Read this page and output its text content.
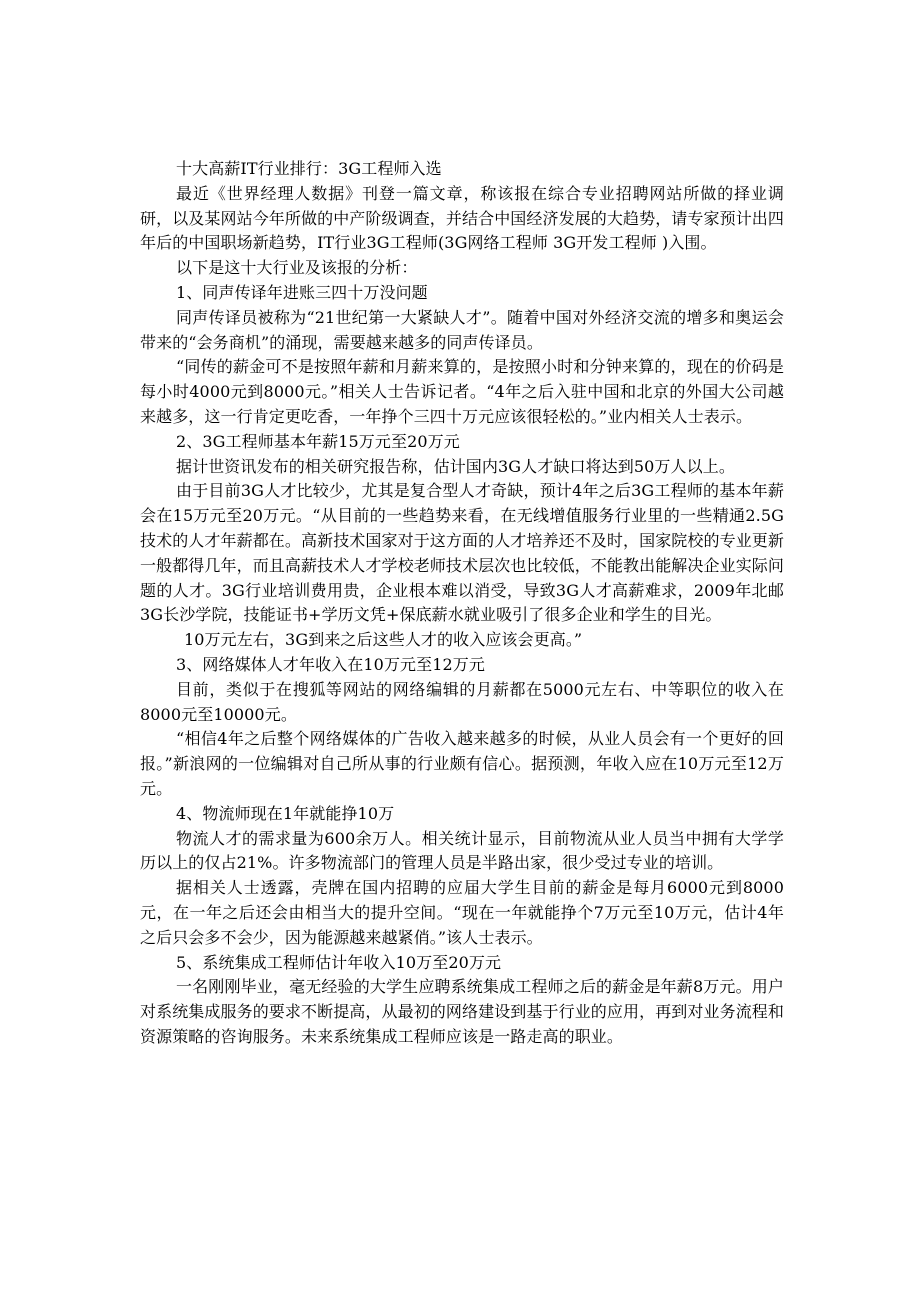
十大高薪IT行业排行：3G工程师入选

最近《世界经理人数据》刊登一篇文章，称该报在综合专业招聘网站所做的择业调研，以及某网站今年所做的中产阶级调查，并结合中国经济发展的大趋势，请专家预计出四年后的中国职场新趋势，IT行业3G工程师(3G网络工程师 3G开发工程师 )入围。

以下是这十大行业及该报的分析：

1、同声传译年进账三四十万没问题

同声传译员被称为“21世纪第一大紧缺人才”。随着中国对外经济交流的增多和奥运会带来的“会务商机”的涌现，需要越来越多的同声传译员。

“同传的薪金可不是按照年薪和月薪来算的，是按照小时和分钟来算的，现在的价码是每小时4000元到8000元。”相关人士告诉记者。“4年之后入驻中国和北京的外国大公司越来越多，这一行肯定更吃香，一年挣个三四十万元应该很轻松的。”业内相关人士表示。

2、3G工程师基本年薪15万元至20万元

据计世资讯发布的相关研究报告称，估计国内3G人才缺口将达到50万人以上。

由于目前3G人才比较少，尤其是复合型人才奇缺，预计4年之后3G工程师的基本年薪会在15万元至20万元。“从目前的一些趋势来看，在无线增值服务行业里的一些精通2.5G技术的人才年薪都在。高新技术国家对于这方面的人才培养还不及时，国家院校的专业更新一般都得几年，而且高薪技术人才学校老师技术层次也比较低，不能教出能解决企业实际问题的人才。3G行业培训费用贵，企业根本难以消受，导致3G人才高薪难求，2009年北邮3G长沙学院，技能证书+学历文凭+保底薪水就业吸引了很多企业和学生的目光。

10万元左右，3G到来之后这些人才的收入应该会更高。”

3、网络媒体人才年收入在10万元至12万元

目前，类似于在搜狐等网站的网络编辑的月薪都在5000元左右、中等职位的收入在8000元至10000元。

“相信4年之后整个网络媒体的广告收入越来越多的时候，从业人员会有一个更好的回报。”新浪网的一位编辑对自己所从事的行业颇有信心。据预测，年收入应在10万元至12万元。

4、物流师现在1年就能挣10万

物流人才的需求量为600余万人。相关统计显示，目前物流从业人员当中拥有大学学历以上的仅占21%。许多物流部门的管理人员是半路出家，很少受过专业的培训。

据相关人士透露，壳牌在国内招聘的应届大学生目前的薪金是每月6000元到8000元，在一年之后还会由相当大的提升空间。“现在一年就能挣个7万元至10万元，估计4年之后只会多不会少，因为能源越来越紧俏。”该人士表示。

5、系统集成工程师估计年收入10万至20万元

一名刚刚毕业，毫无经验的大学生应聘系统集成工程师之后的薪金是年薪8万元。用户对系统集成服务的要求不断提高，从最初的网络建设到基于行业的应用，再到对业务流程和资源策略的咨询服务。未来系统集成工程师应该是一路走高的职业。
